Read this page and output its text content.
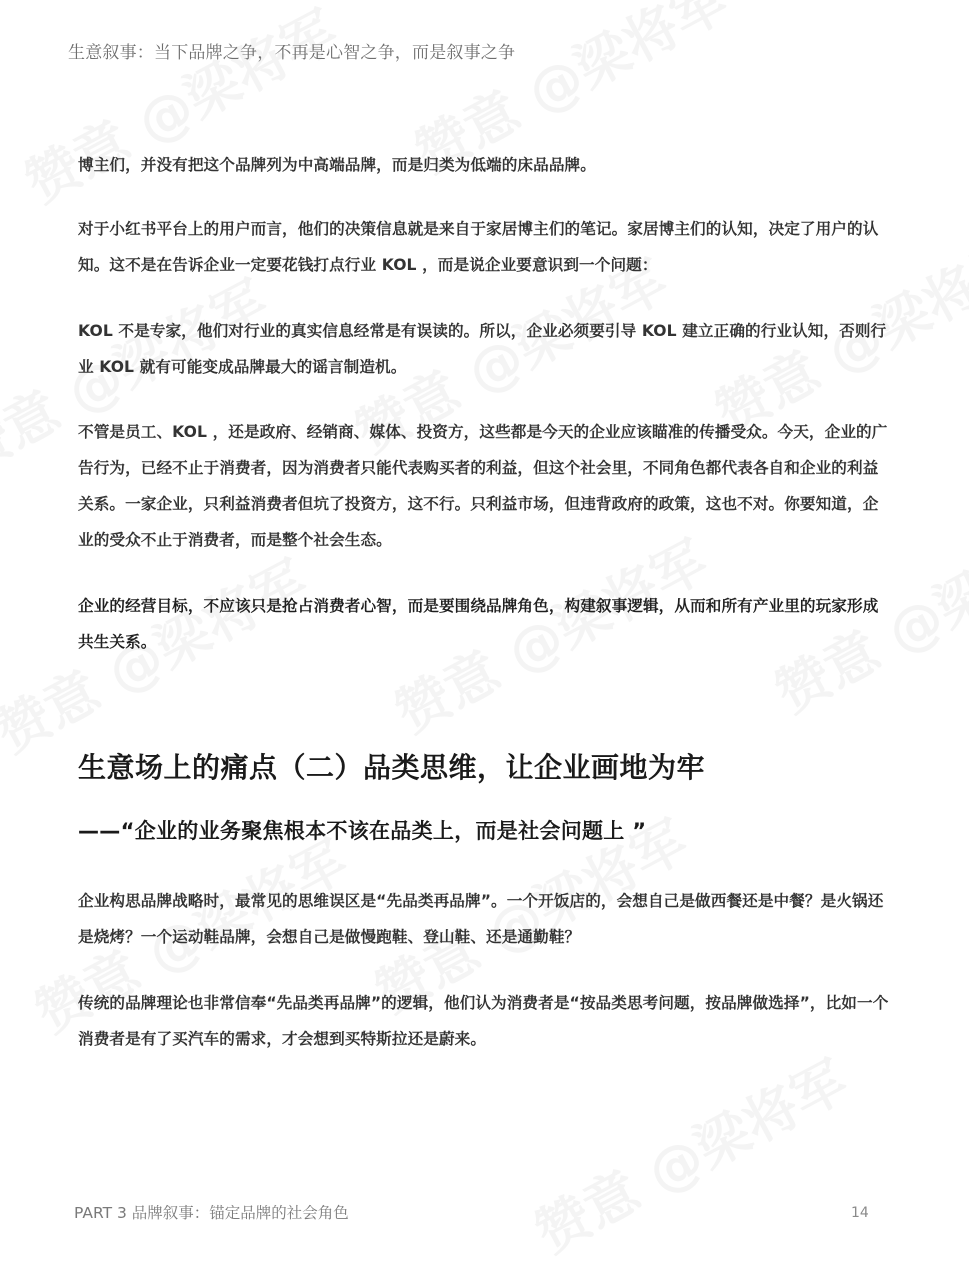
生意叙事：当下品牌之争，不再是心智之争，而是叙事之争
博主们，并没有把这个品牌列为中高端品牌，而是归类为低端的床品品牌。
对于小红书平台上的用户而言，他们的决策信息就是来自于家居博主们的笔记。家居博主们的认知，决定了用户的认知。这不是在告诉企业一定要花钱打点行业 KOL ，而是说企业要意识到一个问题：
KOL 不是专家，他们对行业的真实信息经常是有误读的。所以，企业必须要引导 KOL 建立正确的行业认知，否则行业 KOL 就有可能变成品牌最大的谣言制造机。
不管是员工、KOL ，还是政府、经销商、媒体、投资方，这些都是今天的企业应该瞄准的传播受众。今天，企业的广告行为，已经不止于消费者，因为消费者只能代表购买者的利益，但这个社会里，不同角色都代表各自和企业的利益关系。一家企业，只利益消费者但坑了投资方，这不行。只利益市场，但违背政府的政策，这也不对。你要知道，企业的受众不止于消费者，而是整个社会生态。
企业的经营目标，不应该只是抢占消费者心智，而是要围绕品牌角色，构建叙事逻辑，从而和所有产业里的玩家形成共生关系。
生意场上的痛点（二）品类思维，让企业画地为牢
——“企业的业务聚焦根本不该在品类上，而是社会问题上 ”
企业构思品牌战略时，最常见的思维误区是“先品类再品牌”。一个开饭店的，会想自己是做西餐还是中餐？是火锅还是烧烤？一个运动鞋品牌，会想自己是做慢跑鞋、登山鞋、还是通勤鞋？
传统的品牌理论也非常信奉“先品类再品牌”的逻辑，他们认为消费者是“按品类思考问题，按品牌做选择”，比如一个消费者是有了买汽车的需求，才会想到买特斯拉还是蔚来。
PART 3 品牌叙事：锚定品牌的社会角色	14
